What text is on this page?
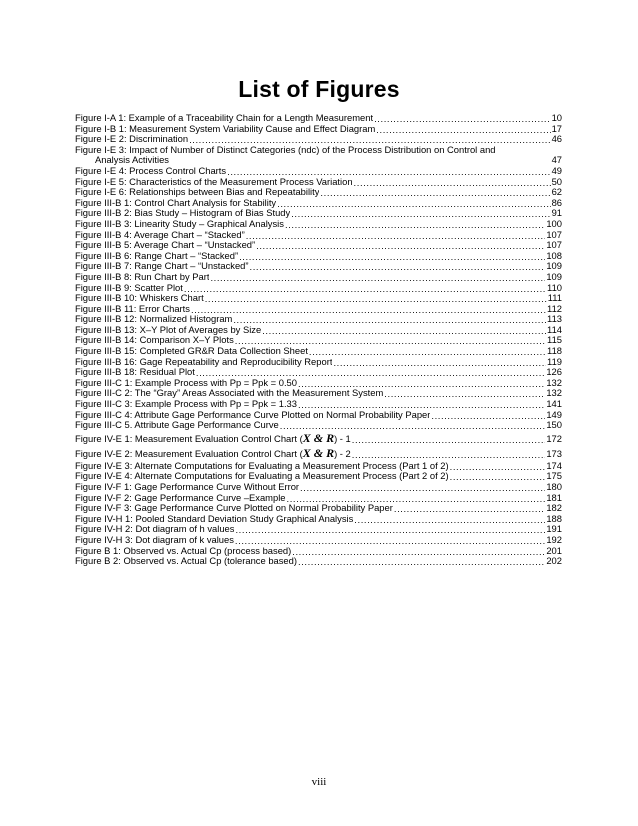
List of Figures
Figure I-A 1: Example of a Traceability Chain for a Length Measurement .....	10
Figure I-B 1: Measurement System Variability Cause and Effect Diagram .....	17
Figure I-E 2: Discrimination .....	46
Figure I-E 3: Impact of Number of Distinct Categories (ndc) of the Process Distribution on Control and
Analysis Activities	47
Figure I-E 4: Process Control Charts .....	49
Figure I-E 5: Characteristics of the Measurement Process Variation .....	50
Figure I-E 6: Relationships between Bias and Repeatability .....	62
Figure III-B 1: Control Chart Analysis for Stability .....	86
Figure III-B 2: Bias Study – Histogram of Bias Study .....	91
Figure III-B 3: Linearity Study – Graphical Analysis .....	100
Figure III-B 4: Average Chart – “Stacked” .....	107
Figure III-B 5: Average Chart – “Unstacked” .....	107
Figure III-B 6: Range Chart – “Stacked” .....	108
Figure III-B 7: Range Chart – “Unstacked” .....	109
Figure III-B 8: Run Chart by Part .....	109
Figure III-B 9: Scatter Plot .....	110
Figure III-B 10: Whiskers Chart .....	111
Figure III-B 11: Error Charts .....	112
Figure III-B 12: Normalized Histogram .....	113
Figure III-B 13: X–Y Plot of Averages by Size .....	114
Figure III-B 14: Comparison X–Y Plots .....	115
Figure III-B 15: Completed GR&R Data Collection Sheet .....	118
Figure III-B 16: Gage Repeatability and Reproducibility Report .....	119
Figure III-B 18: Residual Plot .....	126
Figure III-C 1: Example Process with Pp = Ppk = 0.50 .....	132
Figure III-C 2: The “Gray” Areas Associated with the Measurement System .....	132
Figure III-C 3: Example Process with Pp = Ppk = 1.33 .....	141
Figure III-C 4: Attribute Gage Performance Curve Plotted on Normal Probability Paper .....	149
Figure III-C 5. Attribute Gage Performance Curve .....	150
Figure IV-E 1: Measurement Evaluation Control Chart ($\overline{X}$ & R) - 1 .....	172
Figure IV-E 2: Measurement Evaluation Control Chart ($\overline{X}$ & R) - 2 .....	173
Figure IV-E 3: Alternate Computations for Evaluating a Measurement Process (Part 1 of 2) .....	174
Figure IV-E 4: Alternate Computations for Evaluating a Measurement Process (Part 2 of 2) .....	175
Figure IV-F 1: Gage Performance Curve Without Error .....	180
Figure IV-F 2: Gage Performance Curve –Example .....	181
Figure IV-F 3: Gage Performance Curve Plotted on Normal Probability Paper .....	182
Figure IV-H 1: Pooled Standard Deviation Study Graphical Analysis .....	188
Figure IV-H 2: Dot diagram of h values .....	191
Figure IV-H 3: Dot diagram of k values .....	192
Figure B 1: Observed vs. Actual Cp (process based) .....	201
Figure B 2: Observed vs. Actual Cp (tolerance based) .....	202
viii
